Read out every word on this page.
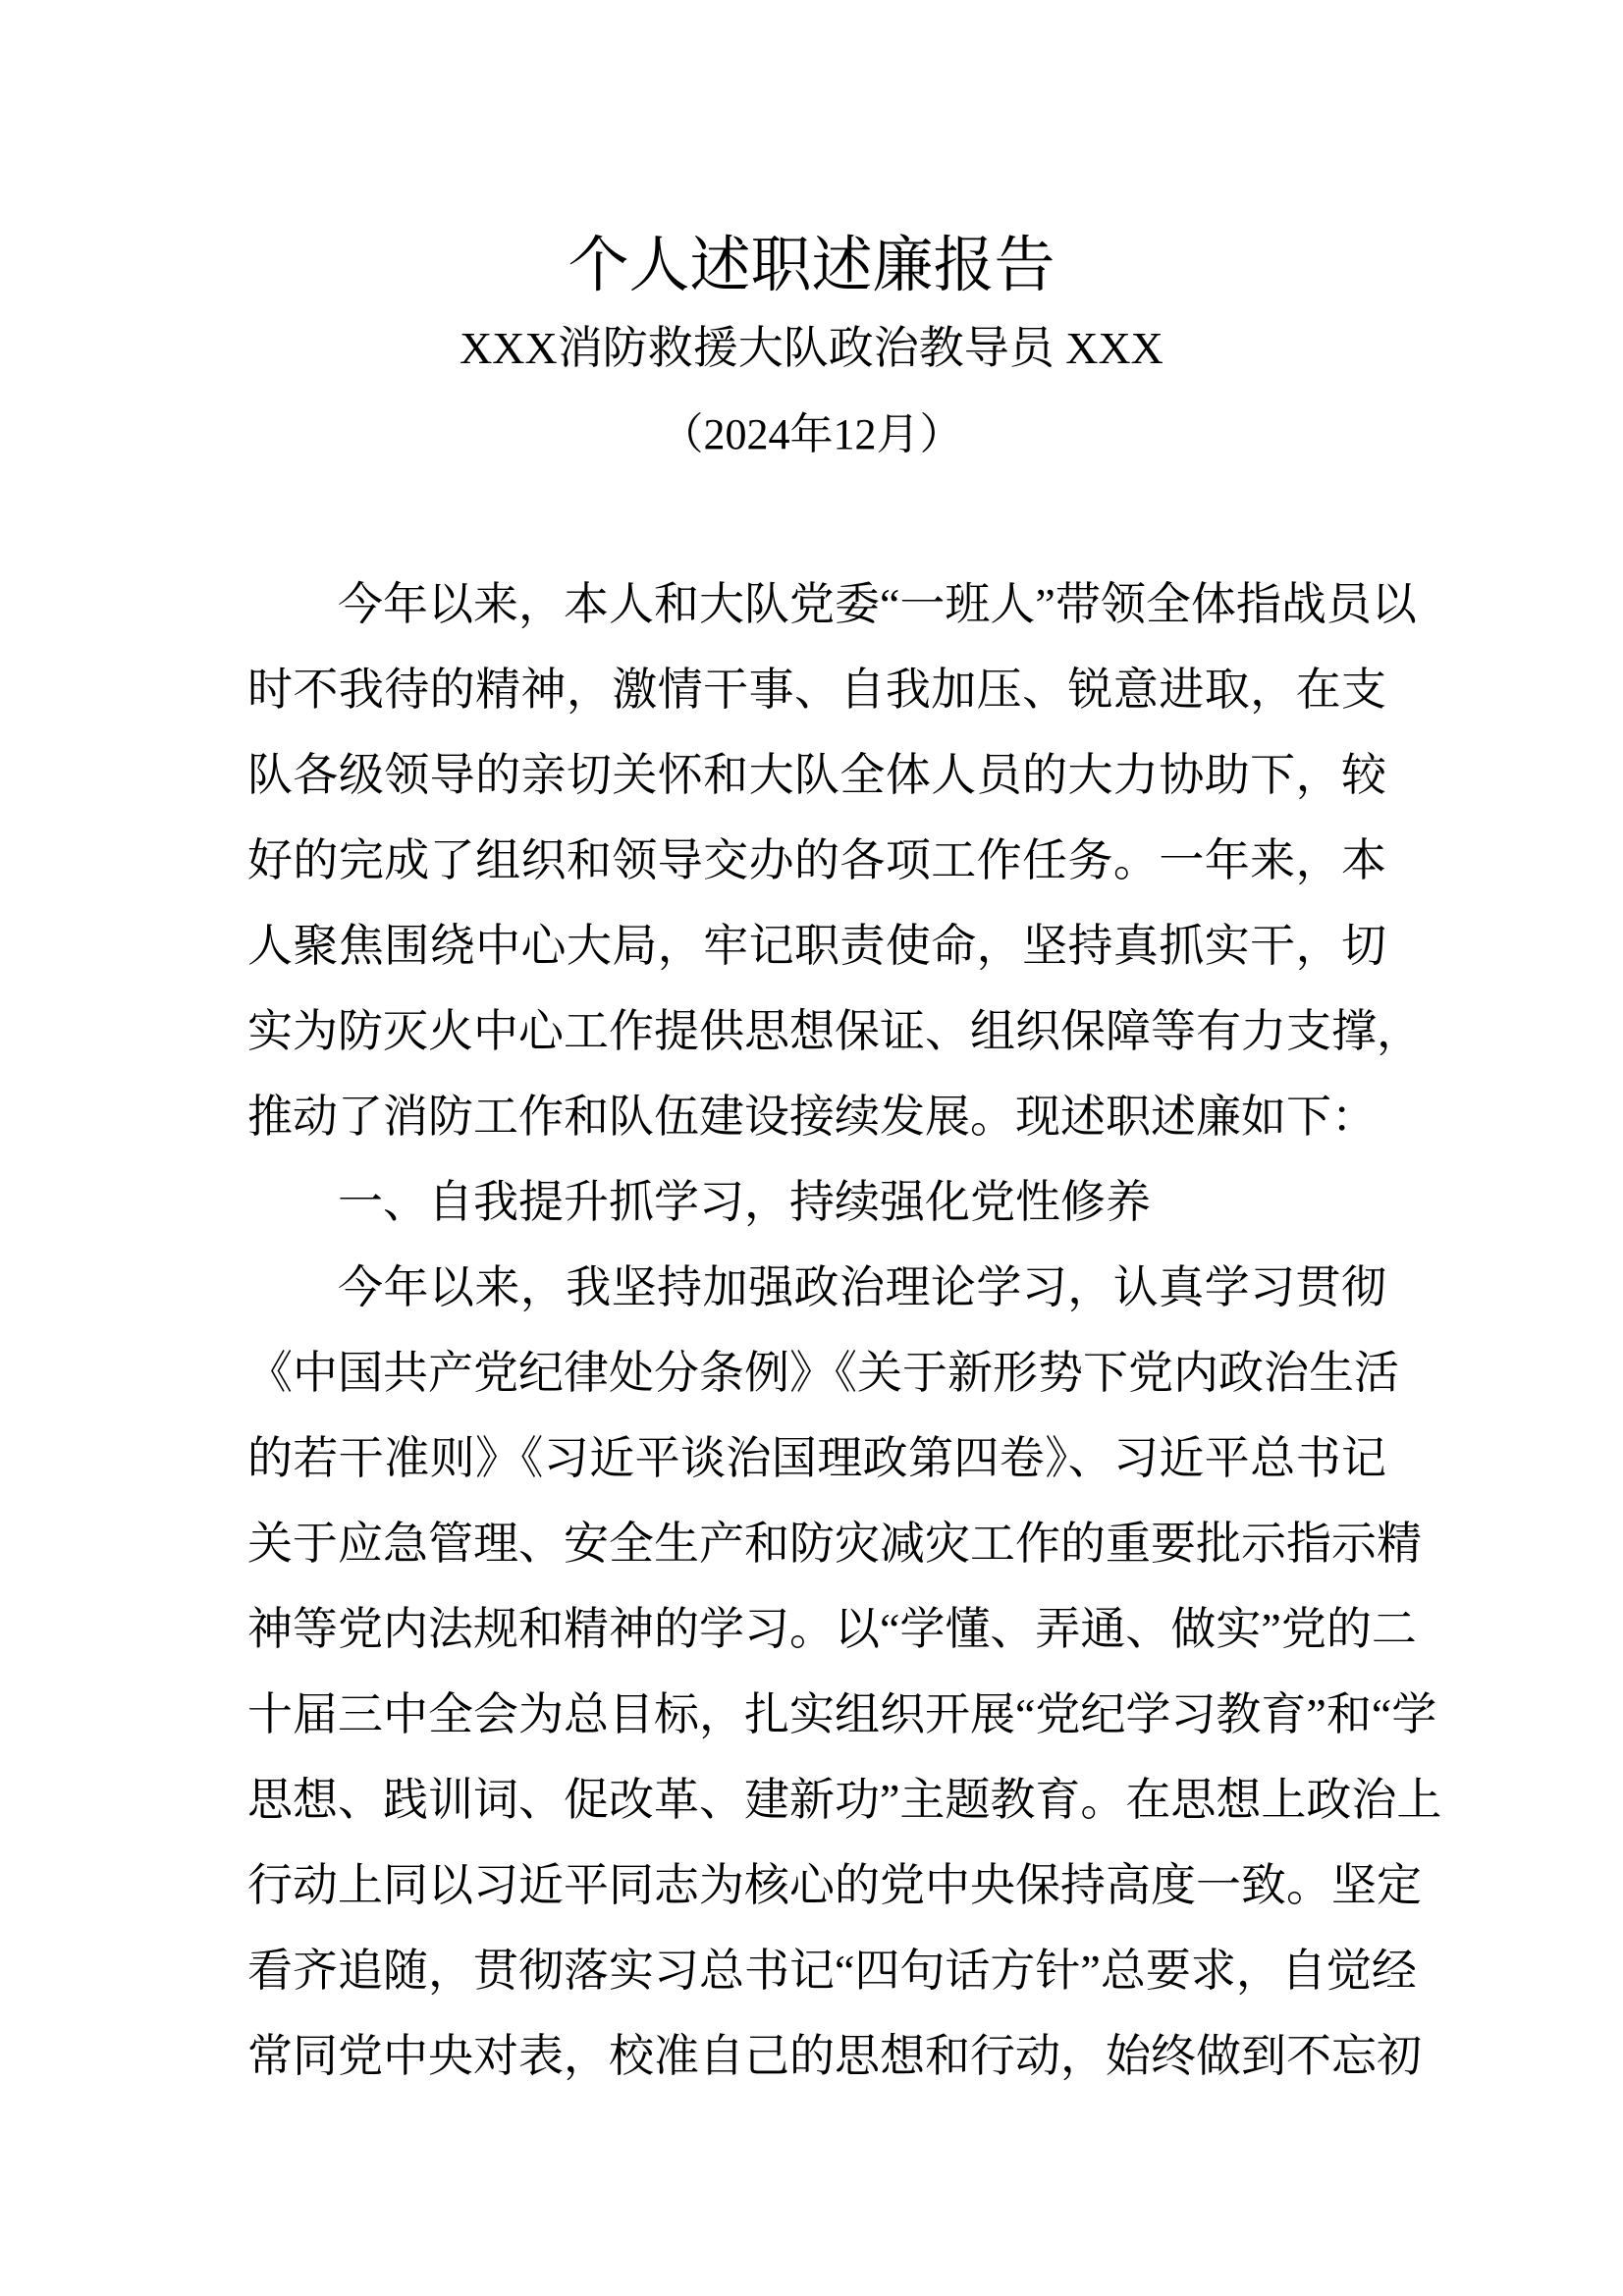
个人述职述廉报告
XXX消防救援大队政治教导员 XXX
（2024年12月）
今年以来，本人和大队党委“一班人”带领全体指战员以
时不我待的精神，激情干事、自我加压、锐意进取，在支
队各级领导的亲切关怀和大队全体人员的大力协助下，较
好的完成了组织和领导交办的各项工作任务。一年来，本
人聚焦围绕中心大局，牢记职责使命，坚持真抓实干，切
实为防灭火中心工作提供思想保证、组织保障等有力支撑，
推动了消防工作和队伍建设接续发展。现述职述廉如下：
一、自我提升抓学习，持续强化党性修养
今年以来，我坚持加强政治理论学习，认真学习贯彻
《中国共产党纪律处分条例》《关于新形势下党内政治生活
的若干准则》《习近平谈治国理政第四卷》、习近平总书记
关于应急管理、安全生产和防灾减灾工作的重要批示指示精
神等党内法规和精神的学习。以“学懂、弄通、做实”党的二
十届三中全会为总目标，扎实组织开展“党纪学习教育”和“学
思想、践训词、促改革、建新功”主题教育。在思想上政治上
行动上同以习近平同志为核心的党中央保持高度一致。坚定
看齐追随，贯彻落实习总书记“四句话方针”总要求，自觉经
常同党中央对表，校准自己的思想和行动，始终做到不忘初
